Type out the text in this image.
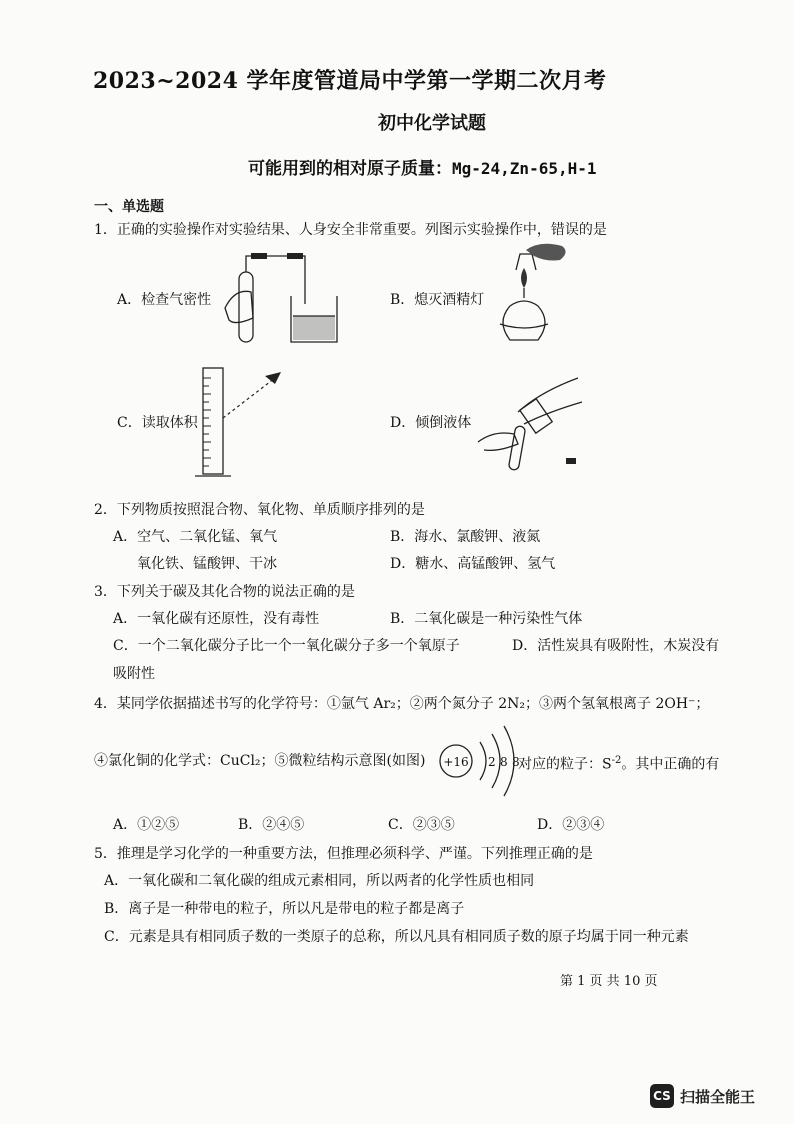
2023~2024 学年度管道局中学第一学期二次月考
初中化学试题
可能用到的相对原子质量：Mg-24,Zn-65,H-1
一、单选题
1．正确的实验操作对实验结果、人身安全非常重要。列图示实验操作中，错误的是
A．检查气密性	B．熄灭酒精灯
C．读取体积	D．倾倒液体
2．下列物质按照混合物、氧化物、单质顺序排列的是
A．空气、二氧化锰、氧气	B．海水、氯酸钾、液氮
氧化铁、锰酸钾、干冰	D．糖水、高锰酸钾、氢气
3．下列关于碳及其化合物的说法正确的是
A．一氧化碳有还原性，没有毒性	B．二氧化碳是一种污染性气体
C．一个二氧化碳分子比一个一氧化碳分子多一个氧原子	D．活性炭具有吸附性，木炭没有
吸附性
4．某同学依据描述书写的化学符号：①氩气 Ar₂；②两个氮分子 2N₂；③两个氢氧根离子 2OH⁻；
④氯化铜的化学式：CuCl₂；⑤微粒结构示意图(如图) +16 2 8 8
对应的粒子：$S^{-2}$。其中正确的有
A．①②⑤	B．②④⑤	C．②③⑤	D．②③④
5．推理是学习化学的一种重要方法，但推理必须科学、严谨。下列推理正确的是
A．一氧化碳和二氧化碳的组成元素相同，所以两者的化学性质也相同
B．离子是一种带电的粒子，所以凡是带电的粒子都是离子
C．元素是具有相同质子数的一类原子的总称，所以凡具有相同质子数的原子均属于同一种元素
第 1 页 共 10 页
CS 扫描全能王
